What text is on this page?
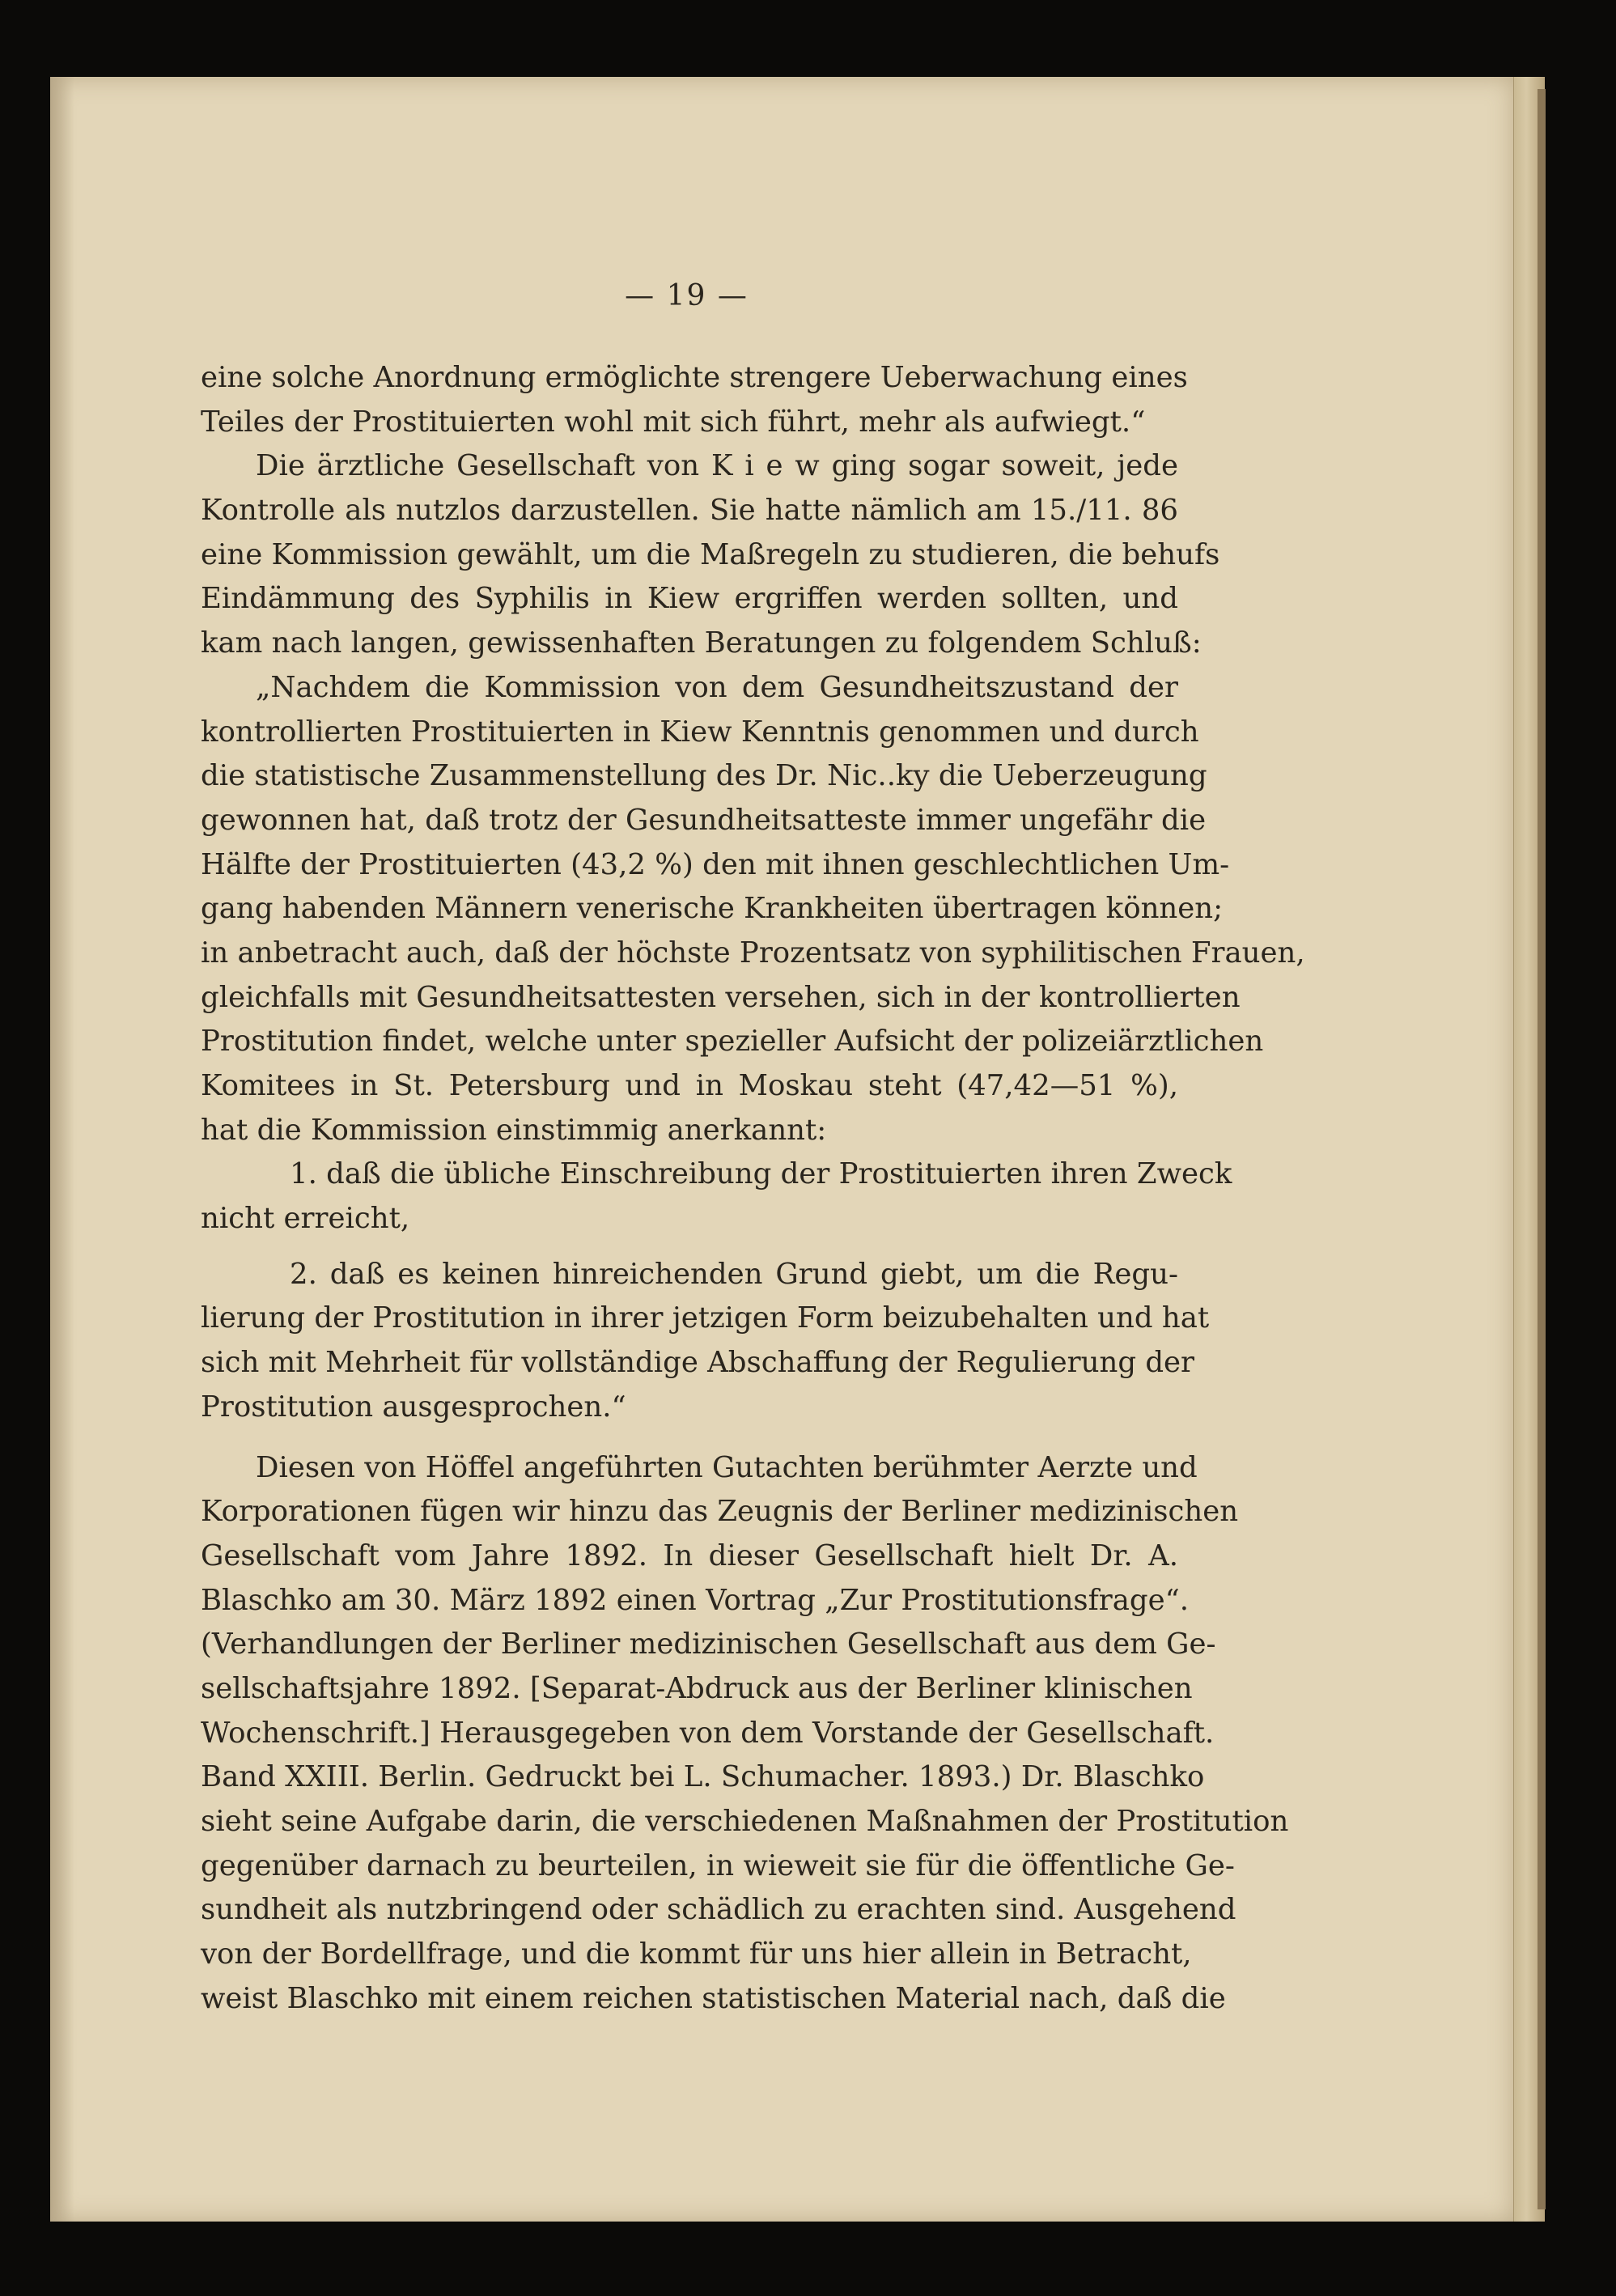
— 19 —
eine solche Anordnung ermöglichte strengere Ueberwachung eines
Teiles der Prostituierten wohl mit sich führt, mehr als aufwiegt.“
Die ärztliche Gesellschaft von K i e w ging sogar soweit, jede
Kontrolle als nutzlos darzustellen. Sie hatte nämlich am 15./11. 86
eine Kommission gewählt, um die Maßregeln zu studieren, die behufs
Eindämmung des Syphilis in Kiew ergriffen werden sollten, und
kam nach langen, gewissenhaften Beratungen zu folgendem Schluß:
„Nachdem die Kommission von dem Gesundheitszustand der
kontrollierten Prostituierten in Kiew Kenntnis genommen und durch
die statistische Zusammenstellung des Dr. Nic..ky die Ueberzeugung
gewonnen hat, daß trotz der Gesundheitsatteste immer ungefähr die
Hälfte der Prostituierten (43,2 %) den mit ihnen geschlechtlichen Um-
gang habenden Männern venerische Krankheiten übertragen können;
in anbetracht auch, daß der höchste Prozentsatz von syphilitischen Frauen,
gleichfalls mit Gesundheitsattesten versehen, sich in der kontrollierten
Prostitution findet, welche unter spezieller Aufsicht der polizeiärztlichen
Komitees in St. Petersburg und in Moskau steht (47,42—51 %),
hat die Kommission einstimmig anerkannt:
1. daß die übliche Einschreibung der Prostituierten ihren Zweck
nicht erreicht,
2. daß es keinen hinreichenden Grund giebt, um die Regu-
lierung der Prostitution in ihrer jetzigen Form beizubehalten und hat
sich mit Mehrheit für vollständige Abschaffung der Regulierung der
Prostitution ausgesprochen.“
Diesen von Höffel angeführten Gutachten berühmter Aerzte und
Korporationen fügen wir hinzu das Zeugnis der Berliner medizinischen
Gesellschaft vom Jahre 1892. In dieser Gesellschaft hielt Dr. A.
Blaschko am 30. März 1892 einen Vortrag „Zur Prostitutionsfrage“.
(Verhandlungen der Berliner medizinischen Gesellschaft aus dem Ge-
sellschaftsjahre 1892. [Separat-Abdruck aus der Berliner klinischen
Wochenschrift.] Herausgegeben von dem Vorstande der Gesellschaft.
Band XXIII. Berlin. Gedruckt bei L. Schumacher. 1893.) Dr. Blaschko
sieht seine Aufgabe darin, die verschiedenen Maßnahmen der Prostitution
gegenüber darnach zu beurteilen, in wieweit sie für die öffentliche Ge-
sundheit als nutzbringend oder schädlich zu erachten sind. Ausgehend
von der Bordellfrage, und die kommt für uns hier allein in Betracht,
weist Blaschko mit einem reichen statistischen Material nach, daß die
